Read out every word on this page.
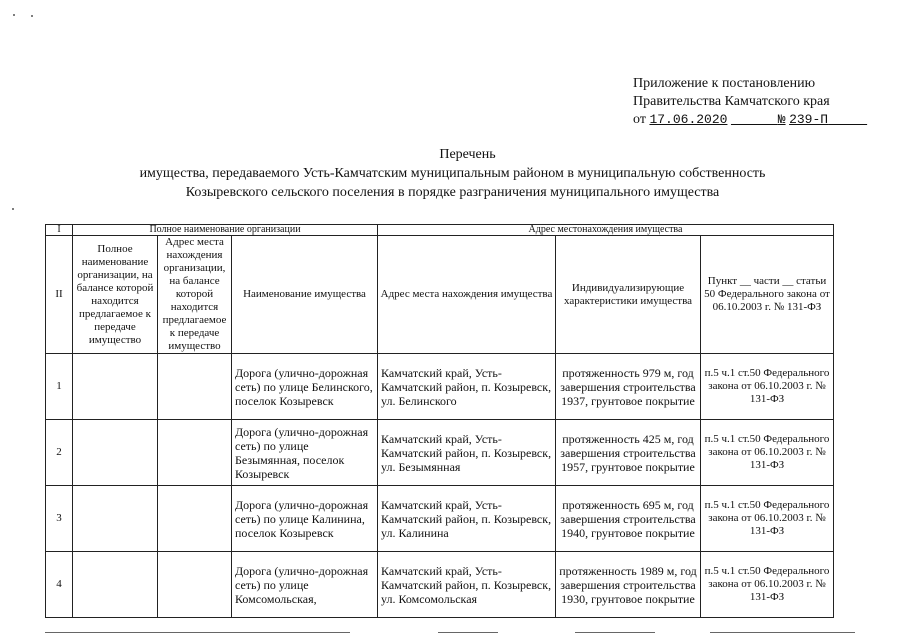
Приложение к постановлению
Правительства Камчатского края
от 17.06.2020	№ 239-П
Перечень
имущества, передаваемого Усть-Камчатским муниципальным районом в муниципальную собственность
Козыревского сельского поселения в порядке разграничения муниципального имущества
I	Полное наименование организации			Адрес местонахождения имущества		
II	Полное наименование организации, на балансе которой находится предлагаемое к передаче имущество	Адрес места нахождения организации, на балансе которой находится предлагаемое к передаче имущество	Наименование имущества	Адрес места нахождения имущества	Индивидуализирующие характеристики имущества	Пункт __ части __ статьи 50 Федерального закона от 06.10.2003 г. № 131-ФЗ
1			Дорога (улично-дорожная сеть) по улице Белинского, поселок Козыревск	Камчатский край, Усть-Камчатский район, п. Козыревск, ул. Белинского	протяженность 979 м, год завершения строительства 1937, грунтовое покрытие	п.5 ч.1 ст.50 Федерального закона от 06.10.2003 г. № 131-ФЗ
2			Дорога (улично-дорожная сеть) по улице Безымянная, поселок Козыревск	Камчатский край, Усть-Камчатский район, п. Козыревск, ул. Безымянная	протяженность 425 м, год завершения строительства 1957, грунтовое покрытие	п.5 ч.1 ст.50 Федерального закона от 06.10.2003 г. № 131-ФЗ
3			Дорога (улично-дорожная сеть) по улице Калинина, поселок Козыревск	Камчатский край, Усть-Камчатский район, п. Козыревск, ул. Калинина	протяженность 695 м, год завершения строительства 1940, грунтовое покрытие	п.5 ч.1 ст.50 Федерального закона от 06.10.2003 г. № 131-ФЗ
4			Дорога (улично-дорожная сеть) по улице Комсомольская,	Камчатский край, Усть-Камчатский район, п. Козыревск, ул. Комсомольская	протяженность 1989 м, год завершения строительства 1930, грунтовое покрытие	п.5 ч.1 ст.50 Федерального закона от 06.10.2003 г. № 131-ФЗ
